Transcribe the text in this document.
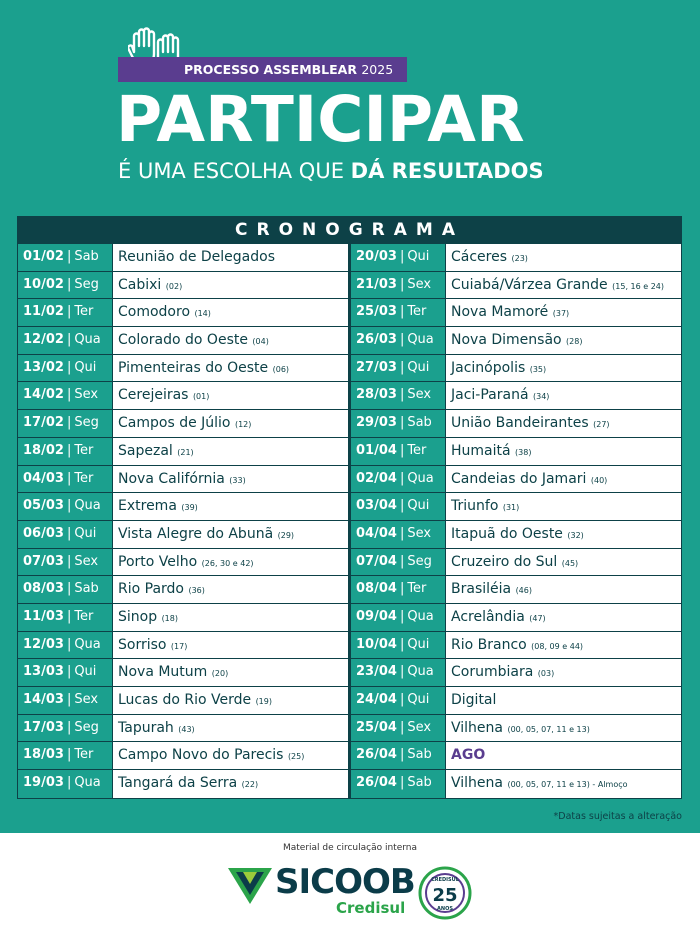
PROCESSO ASSEMBLEAR 2025
PARTICIPAR
É UMA ESCOLHA QUE DÁ RESULTADOS
CRONOGRAMA
01/02 | Sab	Reunião de Delegados
10/02 | Seg	Cabixi (02)
11/02 | Ter	Comodoro (14)
12/02 | Qua	Colorado do Oeste (04)
13/02 | Qui	Pimenteiras do Oeste (06)
14/02 | Sex	Cerejeiras (01)
17/02 | Seg	Campos de Júlio (12)
18/02 | Ter	Sapezal (21)
04/03 | Ter	Nova Califórnia (33)
05/03 | Qua	Extrema (39)
06/03 | Qui	Vista Alegre do Abunã (29)
07/03 | Sex	Porto Velho (26, 30 e 42)
08/03 | Sab	Rio Pardo (36)
11/03 | Ter	Sinop (18)
12/03 | Qua	Sorriso (17)
13/03 | Qui	Nova Mutum (20)
14/03 | Sex	Lucas do Rio Verde (19)
17/03 | Seg	Tapurah (43)
18/03 | Ter	Campo Novo do Parecis (25)
19/03 | Qua	Tangará da Serra (22)
20/03 | Qui	Cáceres (23)
21/03 | Sex	Cuiabá/Várzea Grande (15, 16 e 24)
25/03 | Ter	Nova Mamoré (37)
26/03 | Qua	Nova Dimensão (28)
27/03 | Qui	Jacinópolis (35)
28/03 | Sex	Jaci-Paraná (34)
29/03 | Sab	União Bandeirantes (27)
01/04 | Ter	Humaitá (38)
02/04 | Qua	Candeias do Jamari (40)
03/04 | Qui	Triunfo (31)
04/04 | Sex	Itapuã do Oeste (32)
07/04 | Seg	Cruzeiro do Sul (45)
08/04 | Ter	Brasiléia (46)
09/04 | Qua	Acrelândia (47)
10/04 | Qui	Rio Branco (08, 09 e 44)
23/04 | Qua	Corumbiara (03)
24/04 | Qui	Digital
25/04 | Sex	Vilhena (00, 05, 07, 11 e 13)
26/04 | Sab	AGO
26/04 | Sab	Vilhena (00, 05, 07, 11 e 13) - Almoço
*Datas sujeitas a alteração
Material de circulação interna
SICOOB
Credisul
CREDISUL
25
ANOS
